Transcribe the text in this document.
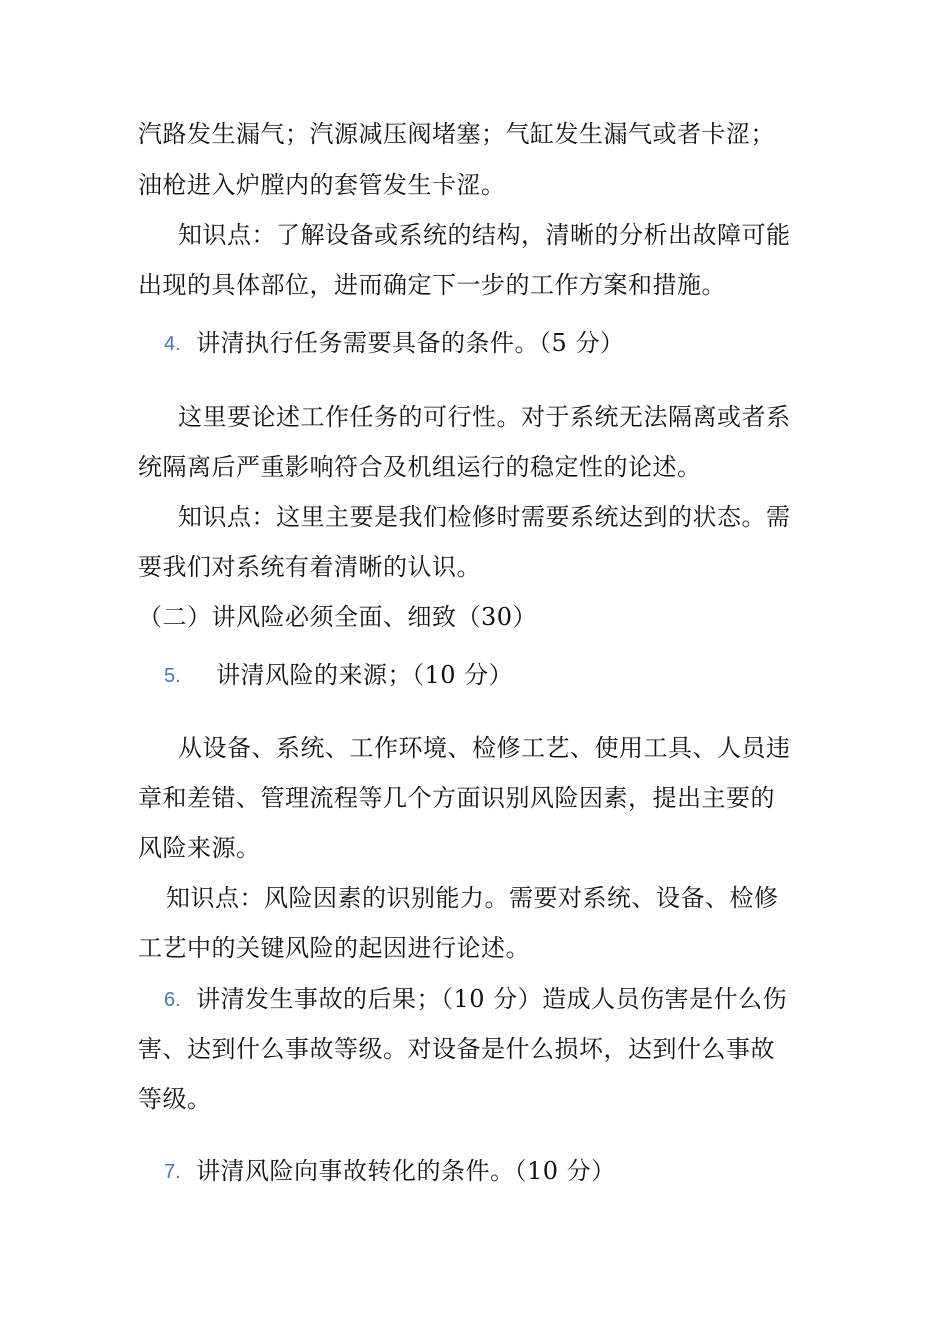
汽路发生漏气；汽源减压阀堵塞；气缸发生漏气或者卡涩；
油枪进入炉膛内的套管发生卡涩。
知识点：了解设备或系统的结构，清晰的分析出故障可能
出现的具体部位，进而确定下一步的工作方案和措施。
4. 讲清执行任务需要具备的条件。（5 分）
这里要论述工作任务的可行性。对于系统无法隔离或者系
统隔离后严重影响符合及机组运行的稳定性的论述。
知识点：这里主要是我们检修时需要系统达到的状态。需
要我们对系统有着清晰的认识。
（二）讲风险必须全面、细致（30）
5. 讲清风险的来源；（10 分）
从设备、系统、工作环境、检修工艺、使用工具、人员违
章和差错、管理流程等几个方面识别风险因素，提出主要的
风险来源。
知识点：风险因素的识别能力。需要对系统、设备、检修
工艺中的关键风险的起因进行论述。
6. 讲清发生事故的后果；（10 分）造成人员伤害是什么伤
害、达到什么事故等级。对设备是什么损坏，达到什么事故
等级。
7. 讲清风险向事故转化的条件。（10 分）
